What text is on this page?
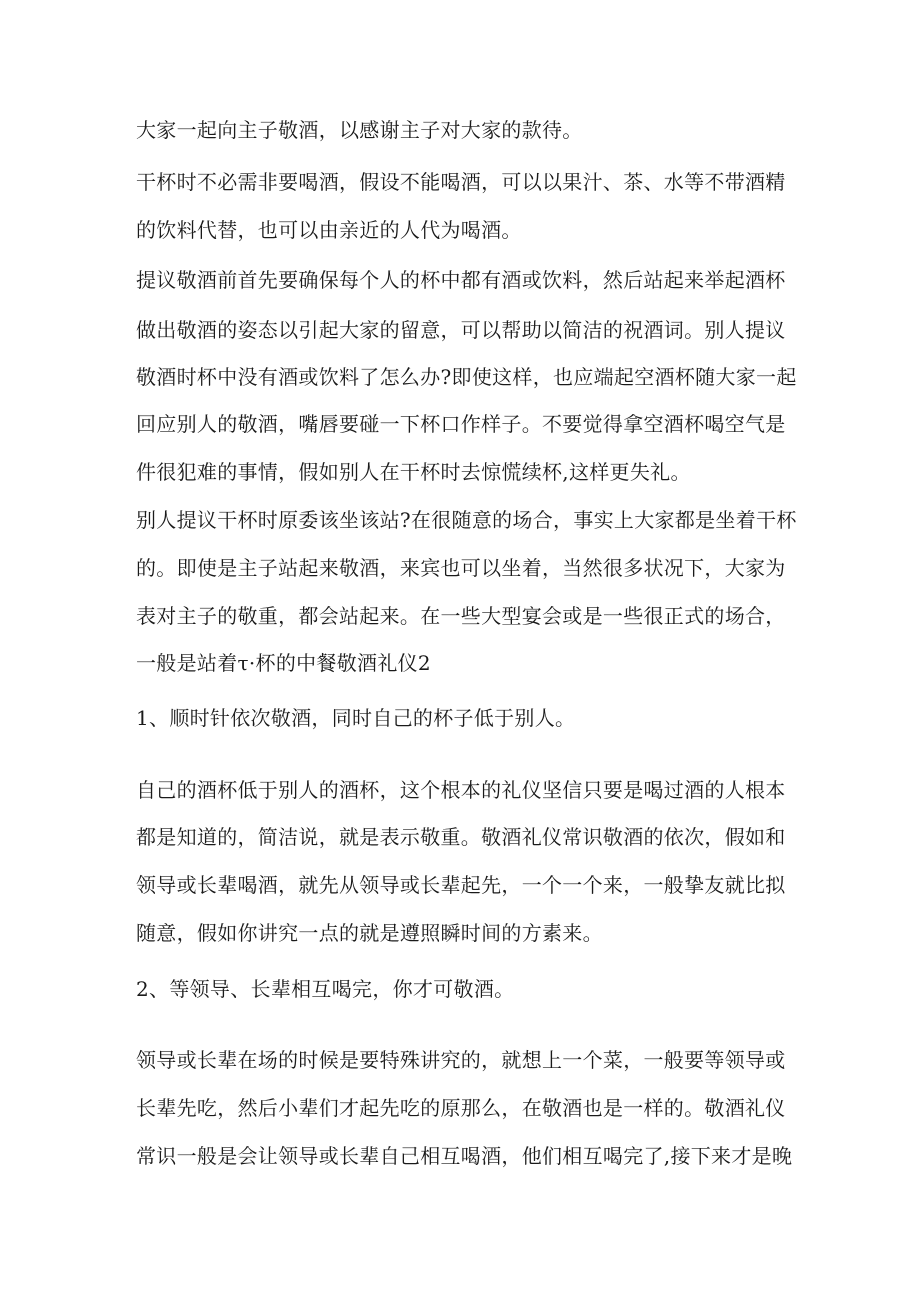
大家一起向主子敬酒，以感谢主子对大家的款待。
干杯时不必需非要喝酒，假设不能喝酒，可以以果汁、茶、水等不带酒精
的饮料代替，也可以由亲近的人代为喝酒。
提议敬酒前首先要确保每个人的杯中都有酒或饮料，然后站起来举起酒杯
做出敬酒的姿态以引起大家的留意，可以帮助以简洁的祝酒词。别人提议
敬酒时杯中没有酒或饮料了怎么办?即使这样，也应端起空酒杯随大家一起
回应别人的敬酒，嘴唇要碰一下杯口作样子。不要觉得拿空酒杯喝空气是
件很犯难的事情，假如别人在干杯时去惊慌续杯,这样更失礼。
别人提议干杯时原委该坐该站?在很随意的场合，事实上大家都是坐着干杯
的。即使是主子站起来敬酒，来宾也可以坐着，当然很多状况下，大家为
表对主子的敬重，都会站起来。在一些大型宴会或是一些很正式的场合，
一般是站着τ·杯的中餐敬酒礼仪2
1、顺时针依次敬酒，同时自己的杯子低于别人。
自己的酒杯低于别人的酒杯，这个根本的礼仪坚信只要是喝过酒的人根本
都是知道的，简洁说，就是表示敬重。敬酒礼仪常识敬酒的依次，假如和
领导或长辈喝酒，就先从领导或长辈起先，一个一个来，一般挚友就比拟
随意，假如你讲究一点的就是遵照瞬时间的方素来。
2、等领导、长辈相互喝完，你才可敬酒。
领导或长辈在场的时候是要特殊讲究的，就想上一个菜，一般要等领导或
长辈先吃，然后小辈们才起先吃的原那么，在敬酒也是一样的。敬酒礼仪
常识一般是会让领导或长辈自己相互喝酒，他们相互喝完了,接下来才是晚
